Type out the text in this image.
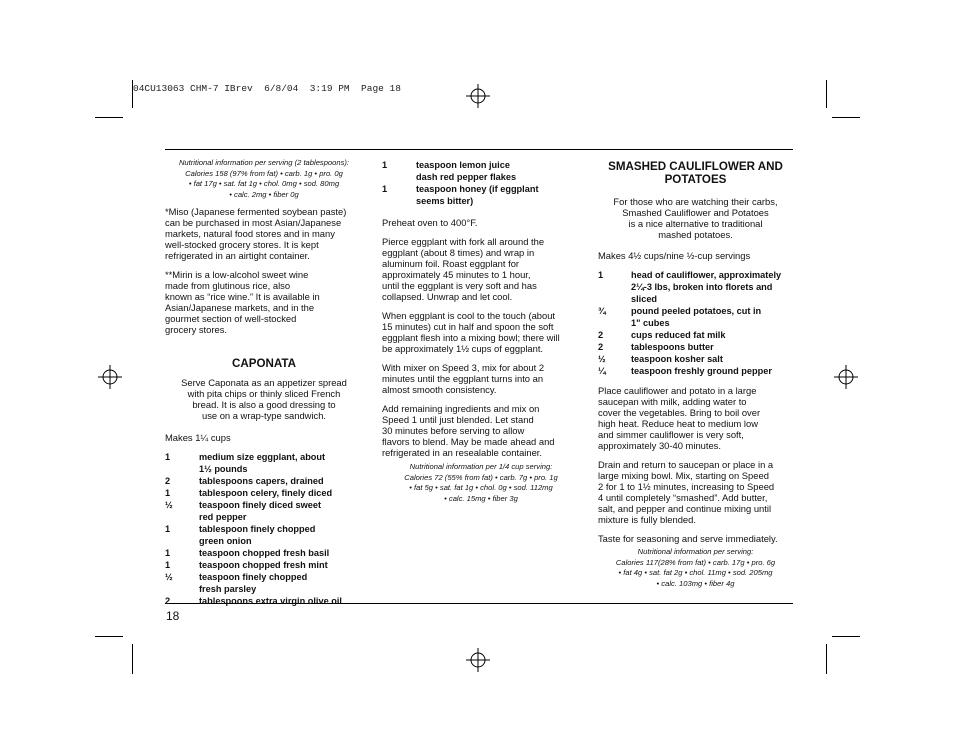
04CU13063 CHM-7 IBrev  6/8/04  3:19 PM  Page 18
Nutritional information per serving (2 tablespoons):
Calories 158 (97% from fat) • carb. 1g • pro. 0g
• fat 17g • sat. fat 1g • chol. 0mg • sod. 80mg
• calc. 2mg • fiber 0g
*Miso (Japanese fermented soybean paste)
can be purchased in most Asian/Japanese
markets, natural food stores and in many
well-stocked grocery stores. It is kept
refrigerated in an airtight container.
**Mirin is a low-alcohol sweet wine
made from glutinous rice, also
known as “rice wine.” It is available in
Asian/Japanese markets, and in the
gourmet section of well-stocked
grocery stores.
CAPONATA
Serve Caponata as an appetizer spread
with pita chips or thinly sliced French
bread. It is also a good dressing to
use on a wrap-type sandwich.
Makes 1¼ cups
1	medium size eggplant, about
1½ pounds
2	tablespoons capers, drained
1	tablespoon celery, finely diced
½	teaspoon finely diced sweet
red pepper
1	tablespoon finely chopped
green onion
1	teaspoon chopped fresh basil
1	teaspoon chopped fresh mint
½	teaspoon finely chopped
fresh parsley
2	tablespoons extra virgin olive oil
1	teaspoon lemon juice
dash red pepper flakes
1	teaspoon honey (if eggplant
seems bitter)
Preheat oven to 400°F.
Pierce eggplant with fork all around the
eggplant (about 8 times) and wrap in
aluminum foil. Roast eggplant for
approximately 45 minutes to 1 hour,
until the eggplant is very soft and has
collapsed. Unwrap and let cool.
When eggplant is cool to the touch (about
15 minutes) cut in half and spoon the soft
eggplant flesh into a mixing bowl; there will
be approximately 1½ cups of eggplant.
With mixer on Speed 3, mix for about 2
minutes until the eggplant turns into an
almost smooth consistency.
Add remaining ingredients and mix on
Speed 1 until just blended. Let stand
30 minutes before serving to allow
flavors to blend. May be made ahead and
refrigerated in an resealable container.
Nutritional information per 1/4 cup serving:
Calories 72 (55% from fat) • carb. 7g • pro. 1g
• fat 5g • sat. fat 1g • chol. 0g • sod. 112mg
• calc. 15mg • fiber 3g
SMASHED CAULIFLOWER AND
POTATOES
For those who are watching their carbs,
Smashed Cauliflower and Potatoes
is a nice alternative to traditional
mashed potatoes.
Makes 4½ cups/nine ½-cup servings
1	head of cauliflower, approximately
2¼-3 lbs, broken into florets and
sliced
¾	pound peeled potatoes, cut in
1" cubes
2	cups reduced fat milk
2	tablespoons butter
½	teaspoon kosher salt
¼	teaspoon freshly ground pepper
Place cauliflower and potato in a large
saucepan with milk, adding water to
cover the vegetables. Bring to boil over
high heat. Reduce heat to medium low
and simmer cauliflower is very soft,
approximately 30-40 minutes.
Drain and return to saucepan or place in a
large mixing bowl. Mix, starting on Speed
2 for 1 to 1½ minutes, increasing to Speed
4 until completely “smashed”. Add butter,
salt, and pepper and continue mixing until
mixture is fully blended.
Taste for seasoning and serve immediately.
Nutritional information per serving:
Calories 117(28% from fat) • carb. 17g • pro. 6g
• fat 4g • sat. fat 2g • chol. 11mg • sod. 205mg
• calc. 103mg • fiber 4g
18
